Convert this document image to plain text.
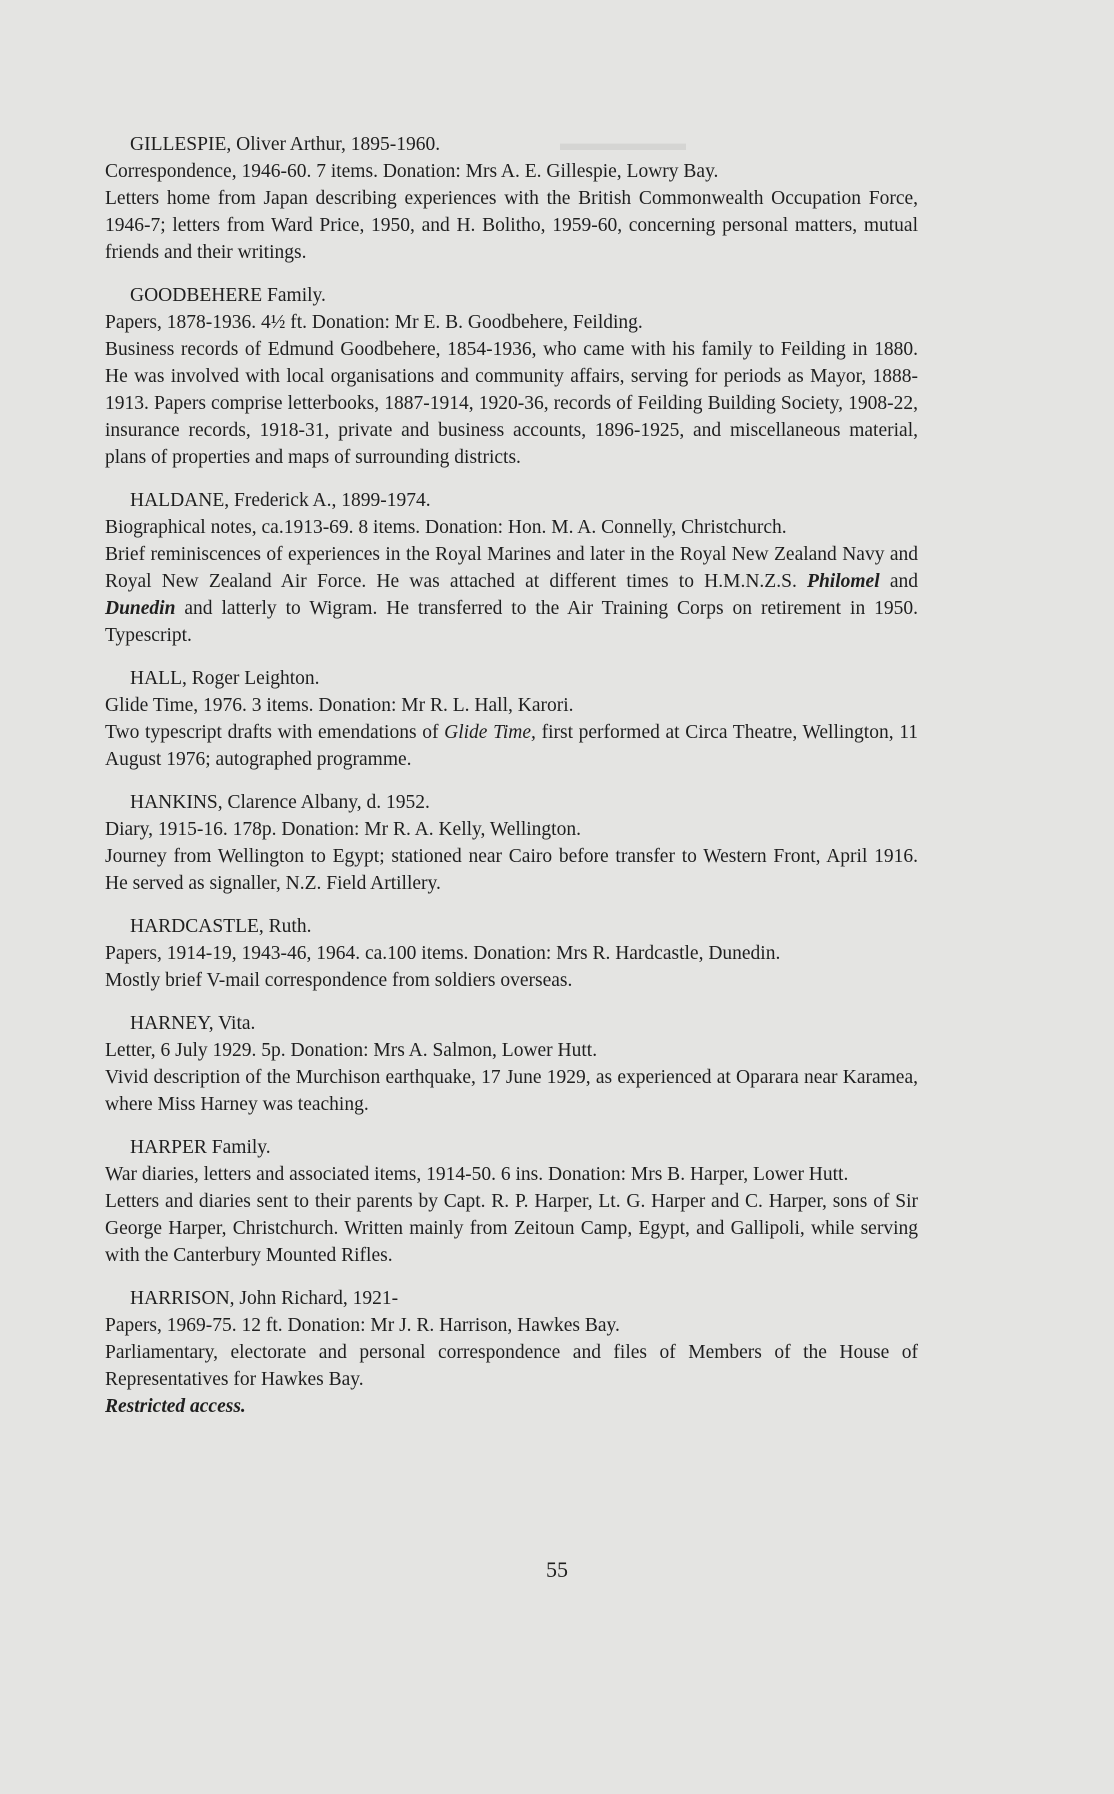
▬▬▬▬▬▬
GILLESPIE, Oliver Arthur, 1895-1960.
Correspondence, 1946-60. 7 items. Donation: Mrs A. E. Gillespie, Lowry Bay.
Letters home from Japan describing experiences with the British Commonwealth Occupation Force, 1946-7; letters from Ward Price, 1950, and H. Bolitho, 1959-60, concerning personal matters, mutual friends and their writings.
GOODBEHERE Family.
Papers, 1878-1936. 4½ ft. Donation: Mr E. B. Goodbehere, Feilding.
Business records of Edmund Goodbehere, 1854-1936, who came with his family to Feilding in 1880. He was involved with local organisations and community affairs, serving for periods as Mayor, 1888-1913. Papers comprise letterbooks, 1887-1914, 1920-36, records of Feilding Building Society, 1908-22, insurance records, 1918-31, private and business accounts, 1896-1925, and miscellaneous material, plans of properties and maps of surrounding districts.
HALDANE, Frederick A., 1899-1974.
Biographical notes, ca.1913-69. 8 items. Donation: Hon. M. A. Connelly, Christchurch.
Brief reminiscences of experiences in the Royal Marines and later in the Royal New Zealand Navy and Royal New Zealand Air Force. He was attached at different times to H.M.N.Z.S. Philomel and Dunedin and latterly to Wigram. He transferred to the Air Training Corps on retirement in 1950. Typescript.
HALL, Roger Leighton.
Glide Time, 1976. 3 items. Donation: Mr R. L. Hall, Karori.
Two typescript drafts with emendations of Glide Time, first performed at Circa Theatre, Wellington, 11 August 1976; autographed programme.
HANKINS, Clarence Albany, d. 1952.
Diary, 1915-16. 178p. Donation: Mr R. A. Kelly, Wellington.
Journey from Wellington to Egypt; stationed near Cairo before transfer to Western Front, April 1916. He served as signaller, N.Z. Field Artillery.
HARDCASTLE, Ruth.
Papers, 1914-19, 1943-46, 1964. ca.100 items. Donation: Mrs R. Hardcastle, Dunedin.
Mostly brief V-mail correspondence from soldiers overseas.
HARNEY, Vita.
Letter, 6 July 1929. 5p. Donation: Mrs A. Salmon, Lower Hutt.
Vivid description of the Murchison earthquake, 17 June 1929, as experienced at Oparara near Karamea, where Miss Harney was teaching.
HARPER Family.
War diaries, letters and associated items, 1914-50. 6 ins. Donation: Mrs B. Harper, Lower Hutt.
Letters and diaries sent to their parents by Capt. R. P. Harper, Lt. G. Harper and C. Harper, sons of Sir George Harper, Christchurch. Written mainly from Zeitoun Camp, Egypt, and Gallipoli, while serving with the Canterbury Mounted Rifles.
HARRISON, John Richard, 1921-
Papers, 1969-75. 12 ft. Donation: Mr J. R. Harrison, Hawkes Bay.
Parliamentary, electorate and personal correspondence and files of Members of the House of Representatives for Hawkes Bay.
Restricted access.
55
